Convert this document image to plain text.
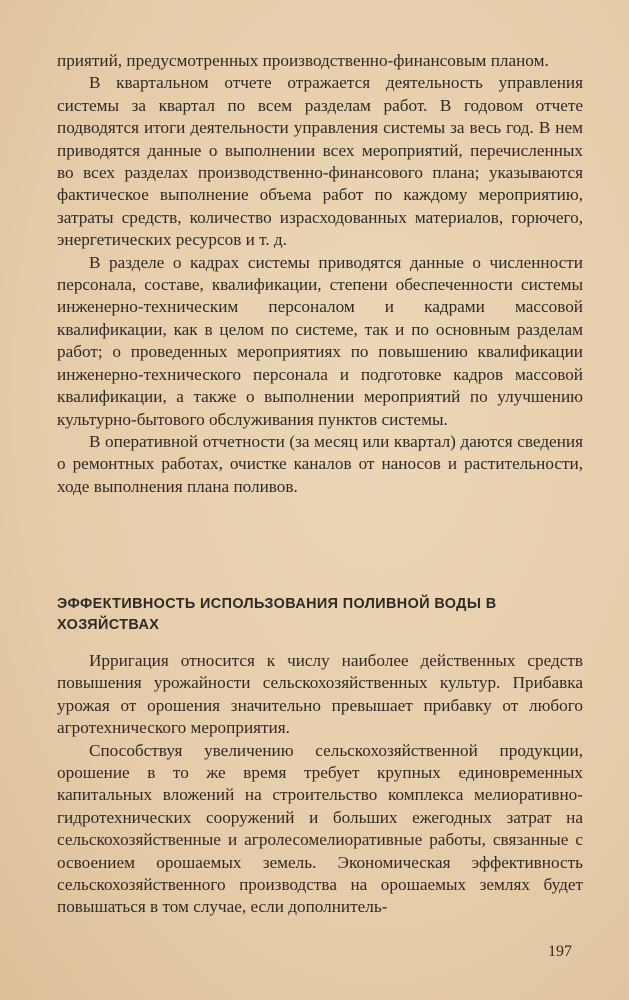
приятий, предусмотренных производственно-финансовым планом.

В квартальном отчете отражается деятельность управления системы за квартал по всем разделам работ. В годовом отчете подводятся итоги деятельности управления системы за весь год. В нем приводятся данные о выполнении всех мероприятий, перечисленных во всех разделах производственно-финансового плана; указываются фактическое выполнение объема работ по каждому мероприятию, затраты средств, количество израсходованных материалов, горючего, энергетических ресурсов и т. д.

В разделе о кадрах системы приводятся данные о численности персонала, составе, квалификации, степени обеспеченности системы инженерно-техническим персоналом и кадрами массовой квалификации, как в целом по системе, так и по основным разделам работ; о проведенных мероприятиях по повышению квалификации инженерно-технического персонала и подготовке кадров массовой квалификации, а также о выполнении мероприятий по улучшению культурно-бытового обслуживания пунктов системы.

В оперативной отчетности (за месяц или квартал) даются сведения о ремонтных работах, очистке каналов от наносов и растительности, ходе выполнения плана поливов.

ЭФФЕКТИВНОСТЬ ИСПОЛЬЗОВАНИЯ ПОЛИВНОЙ ВОДЫ В ХОЗЯЙСТВАХ

Ирригация относится к числу наиболее действенных средств повышения урожайности сельскохозяйственных культур. Прибавка урожая от орошения значительно превышает прибавку от любого агротехнического мероприятия.

Способствуя увеличению сельскохозяйственной продукции, орошение в то же время требует крупных единовременных капитальных вложений на строительство комплекса мелиоративно-гидротехнических сооружений и больших ежегодных затрат на сельскохозяйственные и агролесомелиоративные работы, связанные с освоением орошаемых земель. Экономическая эффективность сельскохозяйственного производства на орошаемых землях будет повышаться в том случае, если дополнитель-

197
